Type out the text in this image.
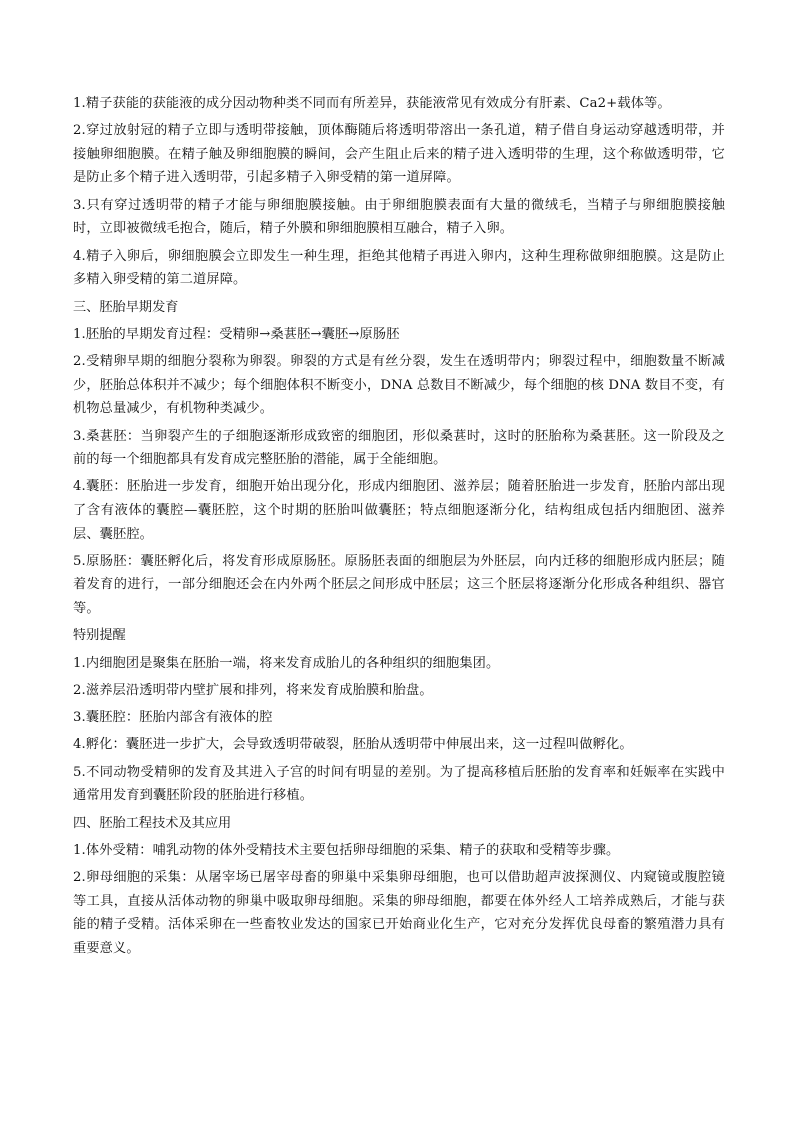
1.精子获能的获能液的成分因动物种类不同而有所差异，获能液常见有效成分有肝素、Ca2+载体等。

2.穿过放射冠的精子立即与透明带接触，顶体酶随后将透明带溶出一条孔道，精子借自身运动穿越透明带，并接触卵细胞膜。在精子触及卵细胞膜的瞬间，会产生阻止后来的精子进入透明带的生理，这个称做透明带，它是防止多个精子进入透明带，引起多精子入卵受精的第一道屏障。

3.只有穿过透明带的精子才能与卵细胞膜接触。由于卵细胞膜表面有大量的微绒毛，当精子与卵细胞膜接触时，立即被微绒毛抱合，随后，精子外膜和卵细胞膜相互融合，精子入卵。

4.精子入卵后，卵细胞膜会立即发生一种生理，拒绝其他精子再进入卵内，这种生理称做卵细胞膜。这是防止多精入卵受精的第二道屏障。

三、胚胎早期发育

1.胚胎的早期发育过程：受精卵→桑葚胚→囊胚→原肠胚

2.受精卵早期的细胞分裂称为卵裂。卵裂的方式是有丝分裂，发生在透明带内；卵裂过程中，细胞数量不断减少，胚胎总体积并不减少；每个细胞体积不断变小，DNA 总数目不断减少，每个细胞的核 DNA 数目不变，有机物总量减少，有机物种类减少。

3.桑葚胚：当卵裂产生的子细胞逐渐形成致密的细胞团，形似桑葚时，这时的胚胎称为桑葚胚。这一阶段及之前的每一个细胞都具有发育成完整胚胎的潜能，属于全能细胞。

4.囊胚：胚胎进一步发育，细胞开始出现分化，形成内细胞团、滋养层；随着胚胎进一步发育，胚胎内部出现了含有液体的囊腔—囊胚腔，这个时期的胚胎叫做囊胚；特点细胞逐渐分化，结构组成包括内细胞团、滋养层、囊胚腔。

5.原肠胚：囊胚孵化后，将发育形成原肠胚。原肠胚表面的细胞层为外胚层，向内迁移的细胞形成内胚层；随着发育的进行，一部分细胞还会在内外两个胚层之间形成中胚层；这三个胚层将逐渐分化形成各种组织、器官等。

特别提醒

1.内细胞团是聚集在胚胎一端，将来发育成胎儿的各种组织的细胞集团。

2.滋养层沿透明带内壁扩展和排列，将来发育成胎膜和胎盘。

3.囊胚腔：胚胎内部含有液体的腔

4.孵化：囊胚进一步扩大，会导致透明带破裂，胚胎从透明带中伸展出来，这一过程叫做孵化。

5.不同动物受精卵的发育及其进入子宫的时间有明显的差别。为了提高移植后胚胎的发育率和妊娠率在实践中通常用发育到囊胚阶段的胚胎进行移植。

四、胚胎工程技术及其应用

1.体外受精：哺乳动物的体外受精技术主要包括卵母细胞的采集、精子的获取和受精等步骤。

2.卵母细胞的采集：从屠宰场已屠宰母畜的卵巢中采集卵母细胞，也可以借助超声波探测仪、内窥镜或腹腔镜等工具，直接从活体动物的卵巢中吸取卵母细胞。采集的卵母细胞，都要在体外经人工培养成熟后，才能与获能的精子受精。活体采卵在一些畜牧业发达的国家已开始商业化生产，它对充分发挥优良母畜的繁殖潜力具有重要意义。
